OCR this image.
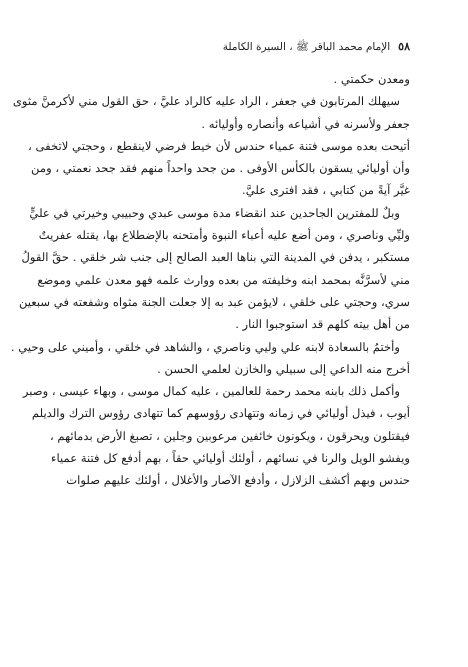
٥٨
الإمام محمد الباقر ﷺ ، السيرة الكاملة
ومعدن حكمتي .
سيهلك المرتابون في جعفر ، الراد عليه كالراد عليَّ ، حق القول مني لأكرمنَّ مثوى
جعفر ولأسرنه في أشياعه وأنصاره وأوليائه .
أتيحت بعده موسى فتنة عمياء حندس لأن خيط فرضي لاينقطع ، وحجتي لاتخفى ،
وأن أوليائي يسقون بالكأس الأوفى . من جحد واحداً منهم فقد جحد نعمتي ، ومن
غيَّر آيةً من كتابي ، فقد افترى عليَّ.
وبلٌ للمفترين الجاحدين عند انقضاء مدة موسى عبدي وحبيبي وخيرتي في عليٍّ
وليِّي وناصري ، ومن أضع عليه أعباء النبوة وأمتحنه بالإضطلاع بها، يقتله عفريتٌ
مستكبر ، يدفن في المدينة التي بناها العبد الصالح إلى جنب شر خلقي . حقَّ القولُ
مني لأسرَّنَّه بمحمد ابنه وخليفته من بعده ووارث علمه فهو معدن علمي وموضع
سري، وحجتي على خلقي ، لايؤمن عبد به إلا جعلت الجنة مثواه وشفعته في سبعين
من أهل بيته كلهم قد استوجبوا النار .
وأختمُ بالسعادة لابنه علي وليي وناصري ، والشاهد في خلقي ، وأميني على وحيي .
أخرج منه الداعي إلى سبيلي والخازن لعلمي الحسن .
وأكمل ذلك بابنه محمد رحمة للعالمين ، عليه كمال موسى ، وبهاء عيسى ، وصبر
أيوب ، فيذل أوليائي في زمانه وتتهادى رؤوسهم كما تتهادى رؤوس الترك والديلم
فيقتلون ويحرقون ، ويكونون خائفين مرعوبين وجلين ، تصبغ الأرض بدمائهم ،
ويفشو الويل والرنا في نسائهم ، أولئك أوليائي حقاً ، بهم أدفع كل فتنة عمياء
حندس وبهم أكشف الزلازل ، وأدفع الآصار والأغلال ، أولئك عليهم صلوات
